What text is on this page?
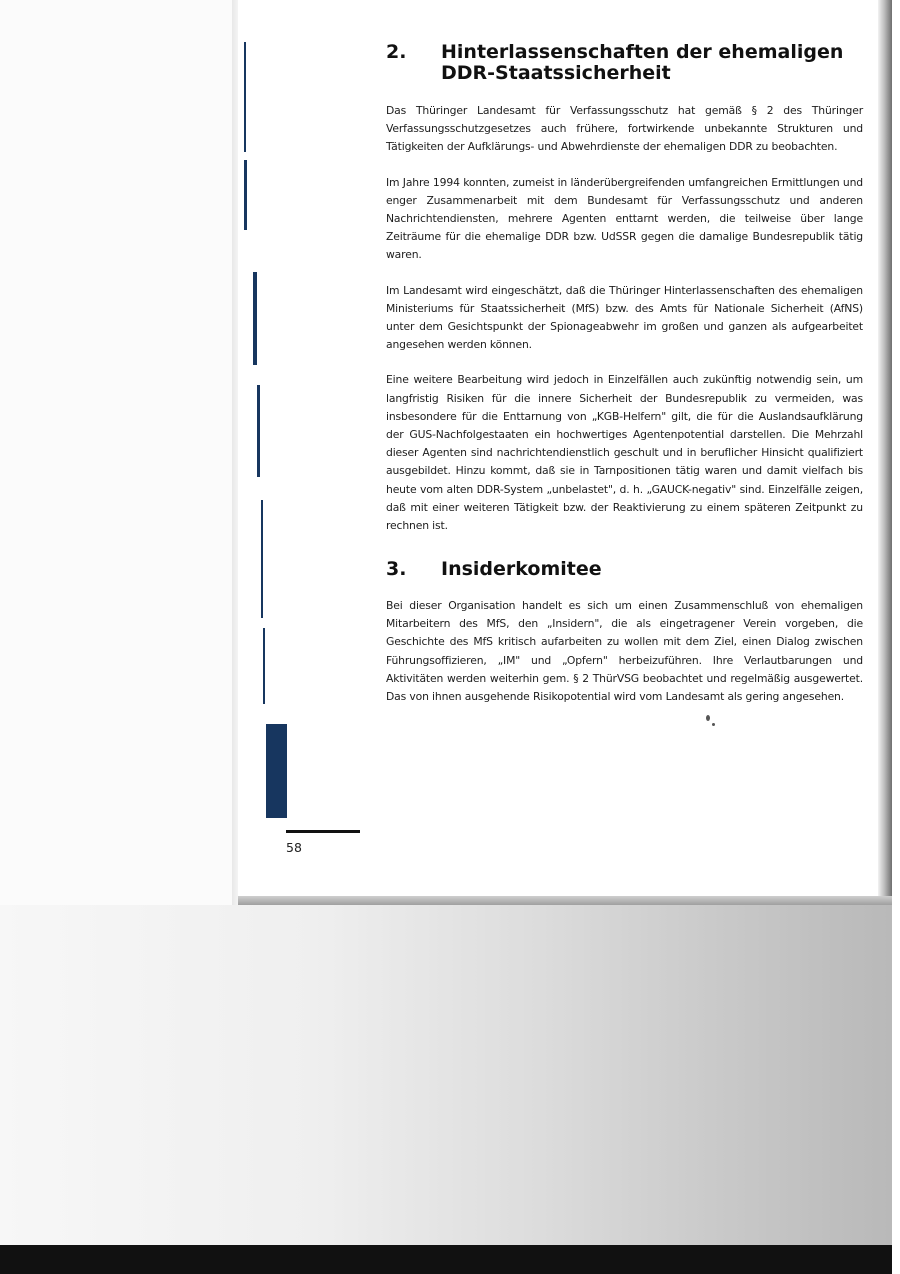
2.	Hinterlassenschaften der ehemaligen
DDR-Staatssicherheit

Das Thüringer Landesamt für Verfassungsschutz hat gemäß § 2 des Thüringer Verfassungsschutzgesetzes auch frühere, fortwirkende unbekannte Strukturen und Tätigkeiten der Aufklärungs- und Abwehrdienste der ehemaligen DDR zu beobachten.

Im Jahre 1994 konnten, zumeist in länderübergreifenden umfangreichen Ermittlungen und enger Zusammenarbeit mit dem Bundesamt für Verfassungsschutz und anderen Nachrichtendiensten, mehrere Agenten enttarnt werden, die teilweise über lange Zeiträume für die ehemalige DDR bzw. UdSSR gegen die damalige Bundesrepublik tätig waren.

Im Landesamt wird eingeschätzt, daß die Thüringer Hinterlassenschaften des ehemaligen Ministeriums für Staatssicherheit (MfS) bzw. des Amts für Nationale Sicherheit (AfNS) unter dem Gesichtspunkt der Spionageabwehr im großen und ganzen als aufgearbeitet angesehen werden können.

Eine weitere Bearbeitung wird jedoch in Einzelfällen auch zukünftig notwendig sein, um langfristig Risiken für die innere Sicherheit der Bundesrepublik zu vermeiden, was insbesondere für die Enttarnung von „KGB-Helfern" gilt, die für die Auslandsaufklärung der GUS-Nachfolgestaaten ein hochwertiges Agentenpotential darstellen. Die Mehrzahl dieser Agenten sind nachrichtendienstlich geschult und in beruflicher Hinsicht qualifiziert ausgebildet. Hinzu kommt, daß sie in Tarnpositionen tätig waren und damit vielfach bis heute vom alten DDR-System „unbelastet", d. h. „GAUCK-negativ" sind. Einzelfälle zeigen, daß mit einer weiteren Tätigkeit bzw. der Reaktivierung zu einem späteren Zeitpunkt zu rechnen ist.

3.	Insiderkomitee

Bei dieser Organisation handelt es sich um einen Zusammenschluß von ehemaligen Mitarbeitern des MfS, den „Insidern", die als eingetragener Verein vorgeben, die Geschichte des MfS kritisch aufarbeiten zu wollen mit dem Ziel, einen Dialog zwischen Führungsoffizieren, „IM" und „Opfern" herbeizuführen. Ihre Verlautbarungen und Aktivitäten werden weiterhin gem. § 2 ThürVSG beobachtet und regelmäßig ausgewertet. Das von ihnen ausgehende Risikopotential wird vom Landesamt als gering angesehen.

58
